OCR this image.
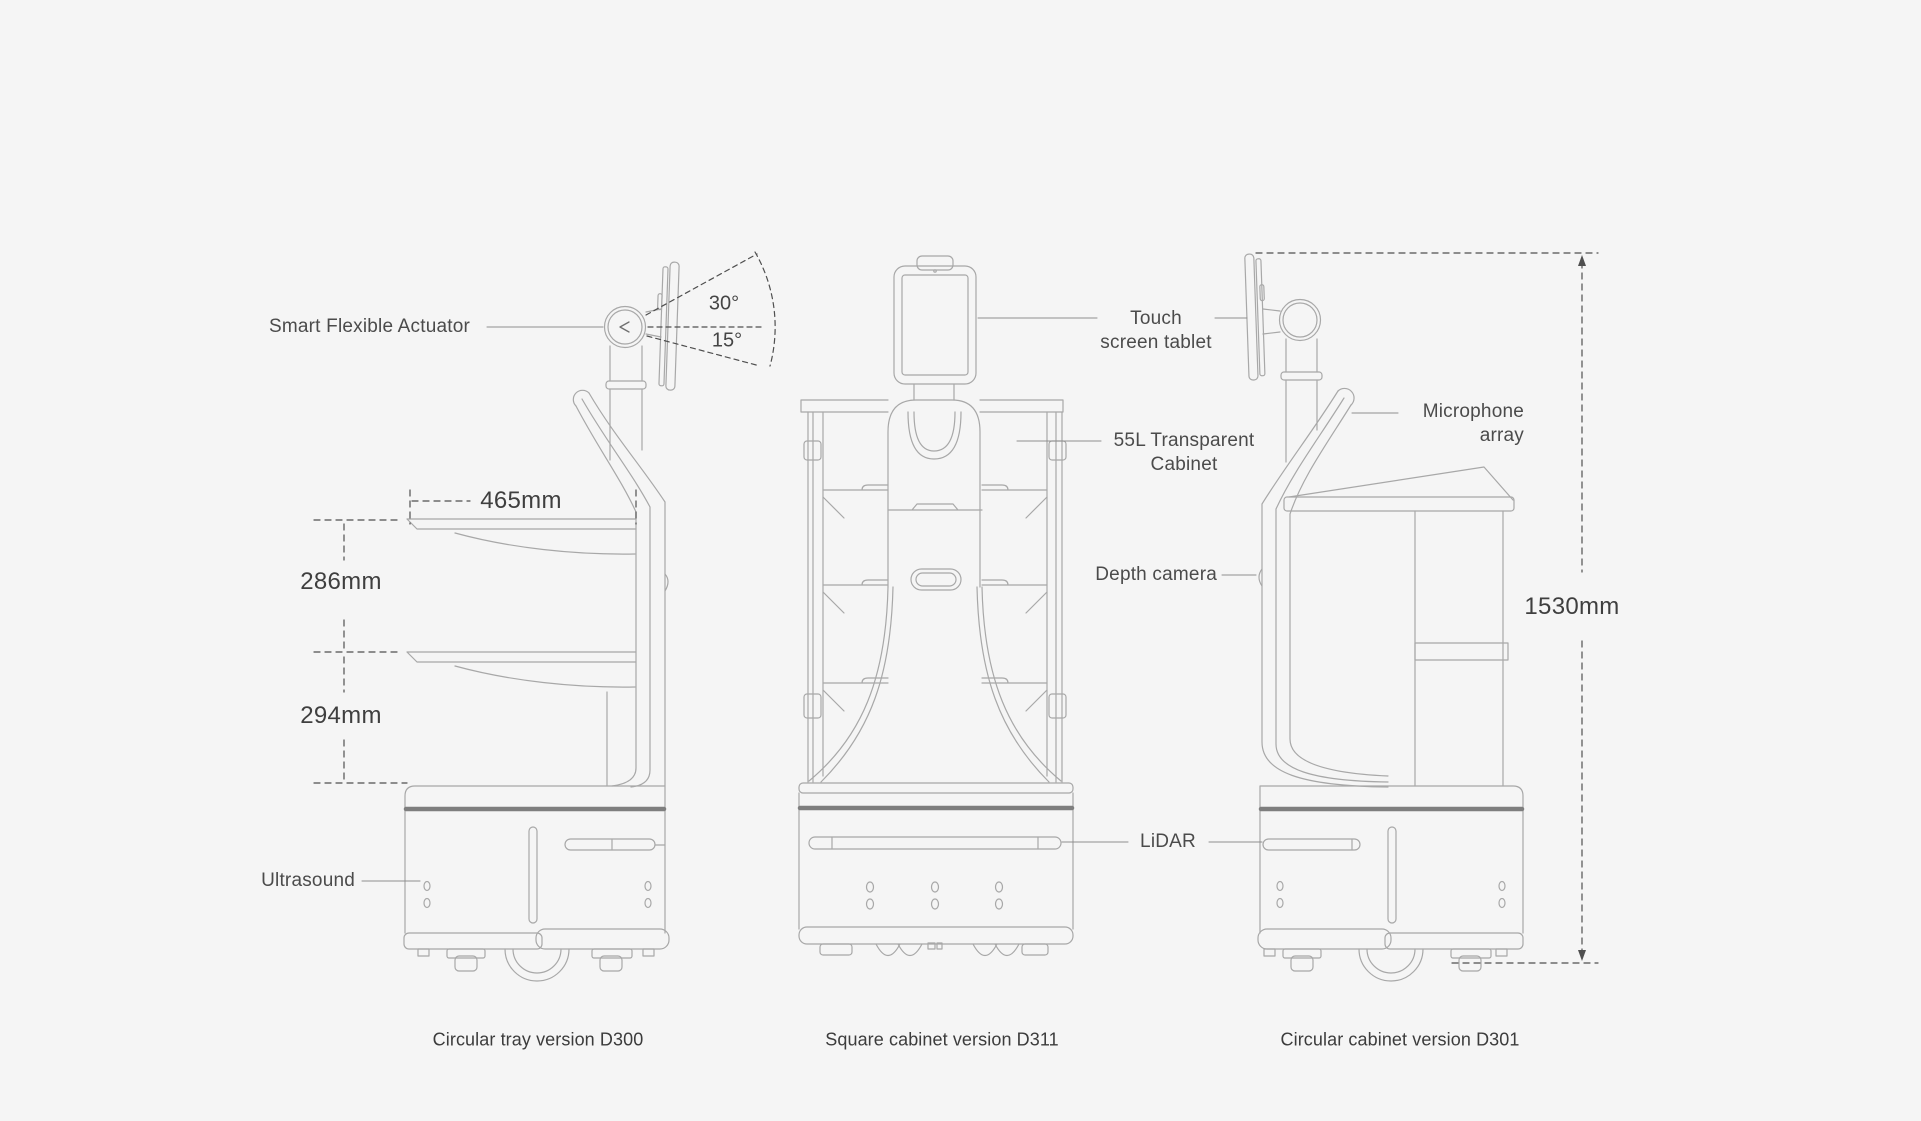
Smart Flexible Actuator
30°
15°
465mm
286mm
294mm
1530mm
Ultrasound
Touch
screen tablet
55L Transparent
Cabinet
Depth camera
LiDAR
Microphone
array
Circular tray version D300	Square cabinet version D311	Circular cabinet version D301
